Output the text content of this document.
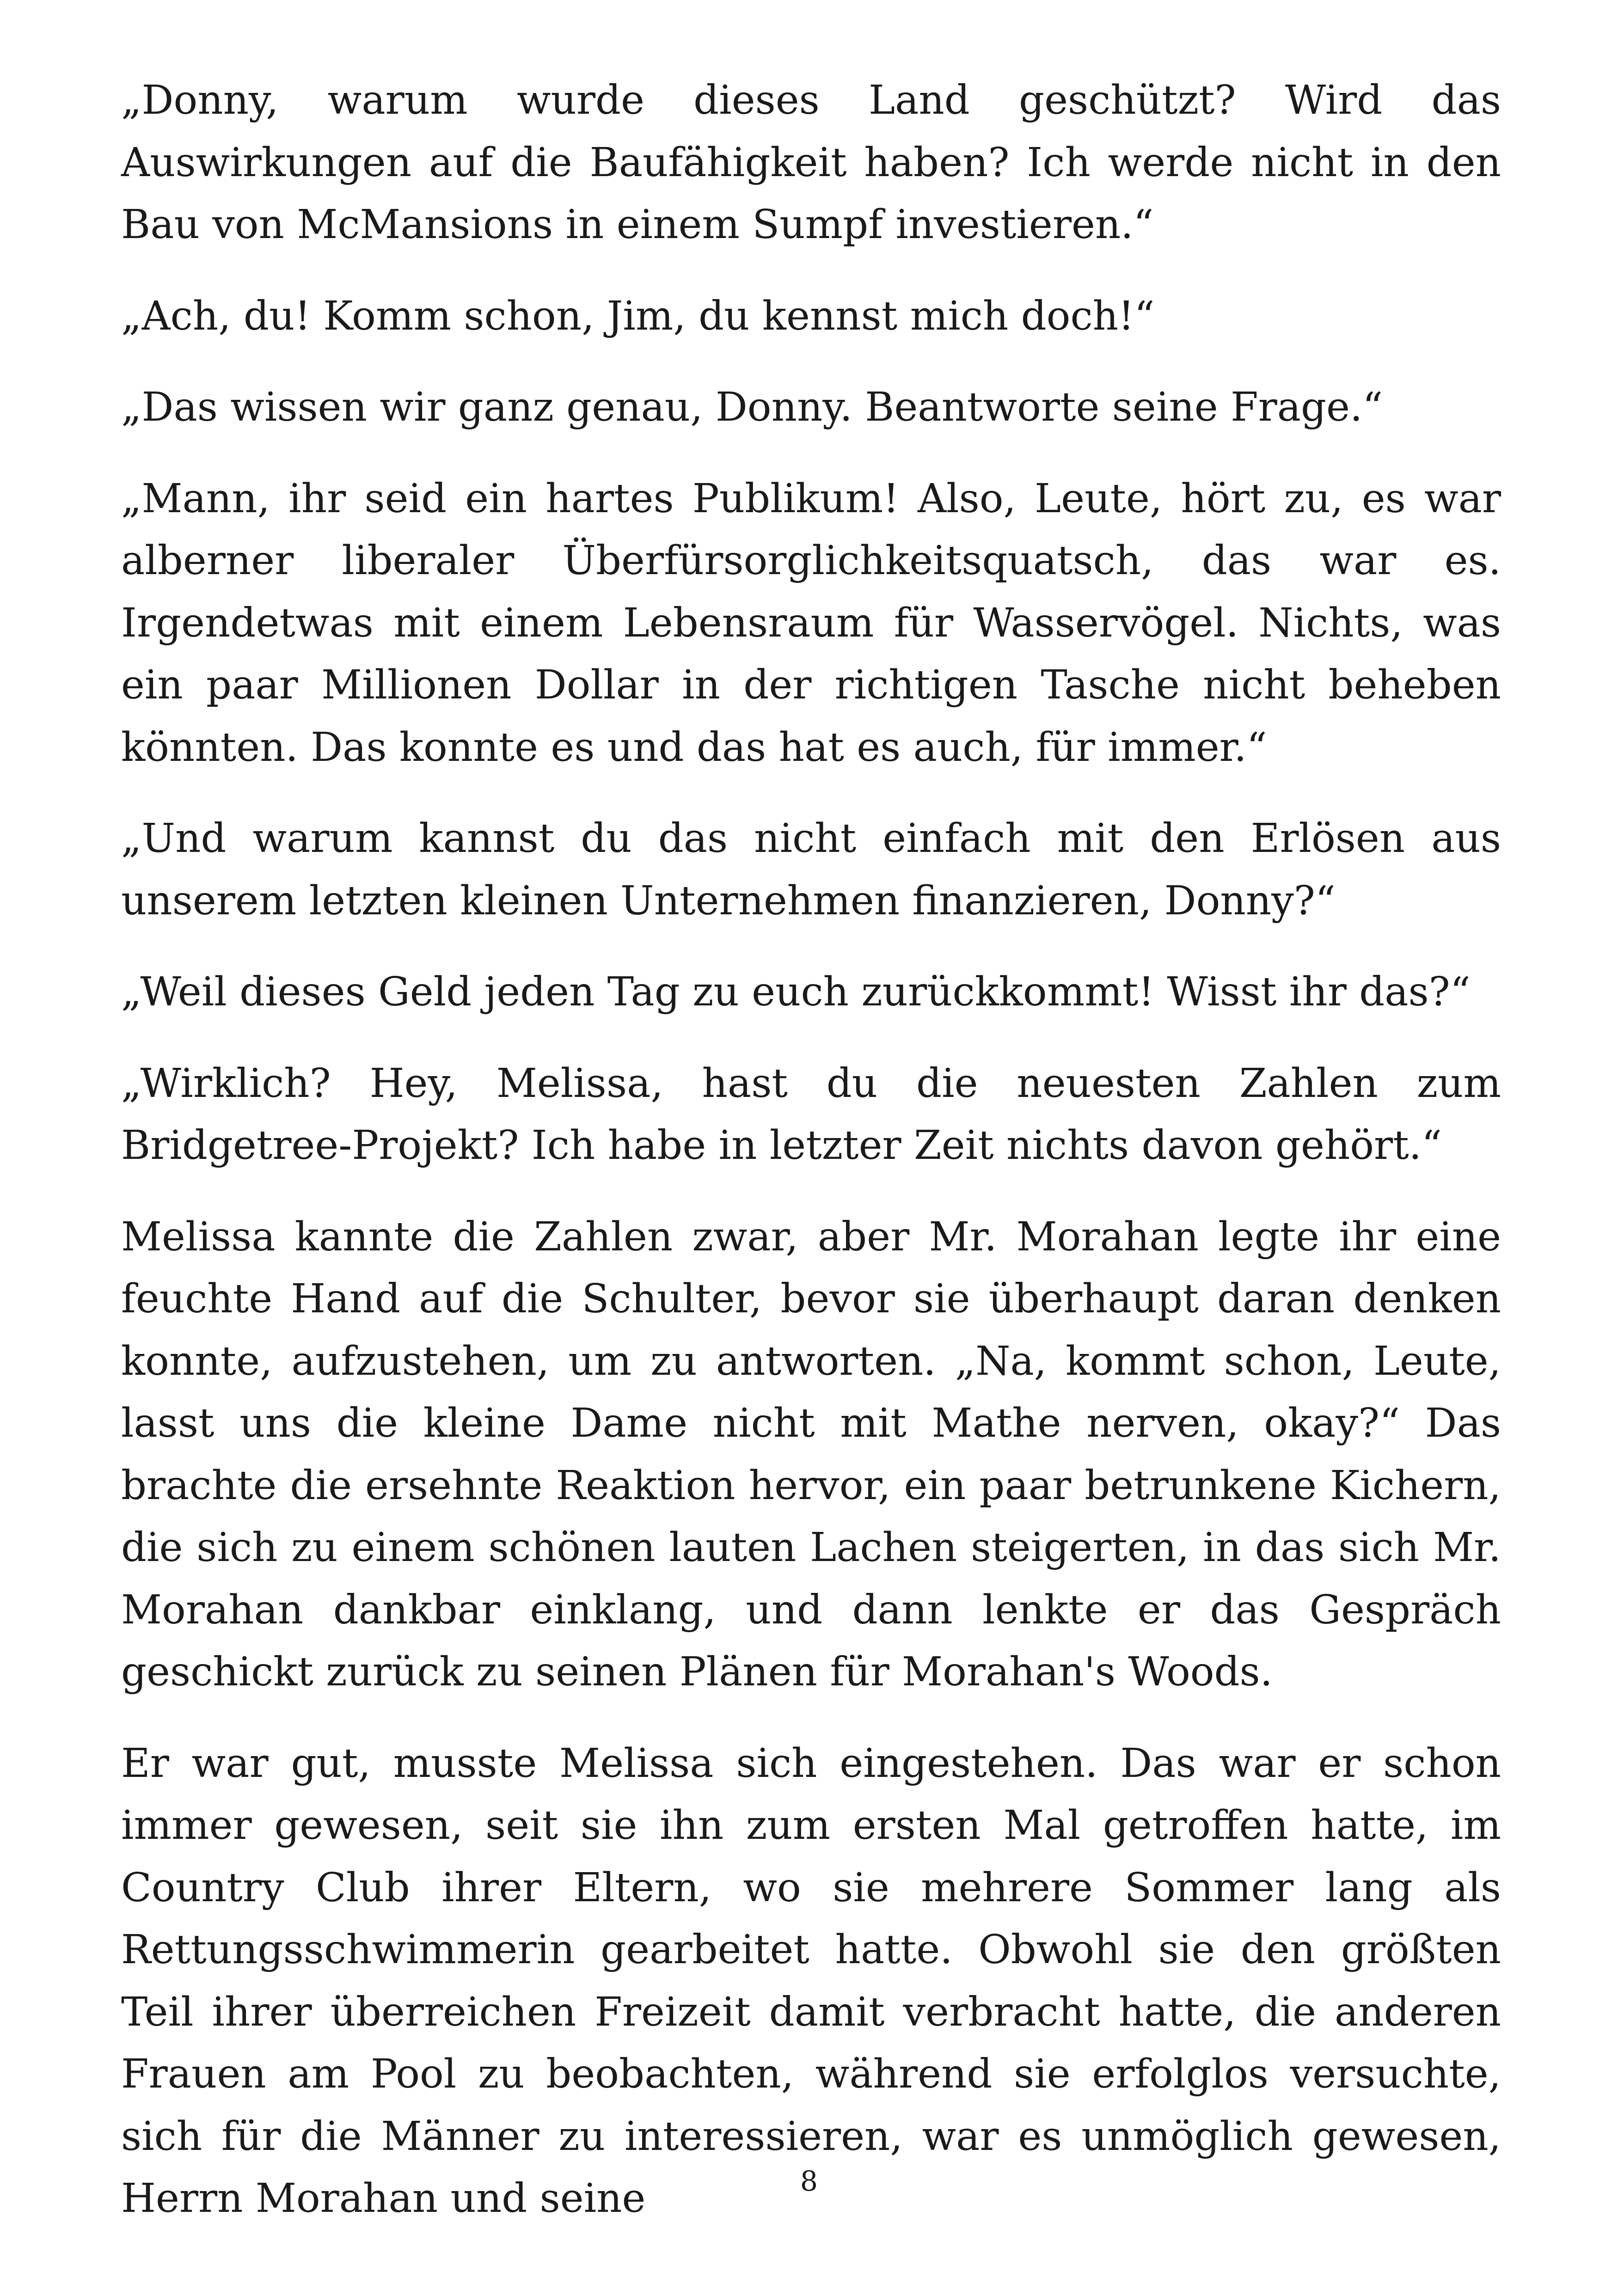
„Donny, warum wurde dieses Land geschützt? Wird das Auswirkungen auf die Baufähigkeit haben? Ich werde nicht in den Bau von McMansions in einem Sumpf investieren.“

„Ach, du! Komm schon, Jim, du kennst mich doch!“

„Das wissen wir ganz genau, Donny. Beantworte seine Frage.“

„Mann, ihr seid ein hartes Publikum! Also, Leute, hört zu, es war alberner liberaler Überfürsorglichkeitsquatsch, das war es. Irgendetwas mit einem Lebensraum für Wasservögel. Nichts, was ein paar Millionen Dollar in der richtigen Tasche nicht beheben könnten. Das konnte es und das hat es auch, für immer.“

„Und warum kannst du das nicht einfach mit den Erlösen aus unserem letzten kleinen Unternehmen finanzieren, Donny?“

„Weil dieses Geld jeden Tag zu euch zurückkommt! Wisst ihr das?“

„Wirklich? Hey, Melissa, hast du die neuesten Zahlen zum Bridgetree-Projekt? Ich habe in letzter Zeit nichts davon gehört.“

Melissa kannte die Zahlen zwar, aber Mr. Morahan legte ihr eine feuchte Hand auf die Schulter, bevor sie überhaupt daran denken konnte, aufzustehen, um zu antworten. „Na, kommt schon, Leute, lasst uns die kleine Dame nicht mit Mathe nerven, okay?“ Das brachte die ersehnte Reaktion hervor, ein paar betrunkene Kichern, die sich zu einem schönen lauten Lachen steigerten, in das sich Mr. Morahan dankbar einklang, und dann lenkte er das Gespräch geschickt zurück zu seinen Plänen für Morahan's Woods.

Er war gut, musste Melissa sich eingestehen. Das war er schon immer gewesen, seit sie ihn zum ersten Mal getroffen hatte, im Country Club ihrer Eltern, wo sie mehrere Sommer lang als Rettungsschwimmerin gearbeitet hatte. Obwohl sie den größten Teil ihrer überreichen Freizeit damit verbracht hatte, die anderen Frauen am Pool zu beobachten, während sie erfolglos versuchte, sich für die Männer zu interessieren, war es unmöglich gewesen, Herrn Morahan und seine	8
